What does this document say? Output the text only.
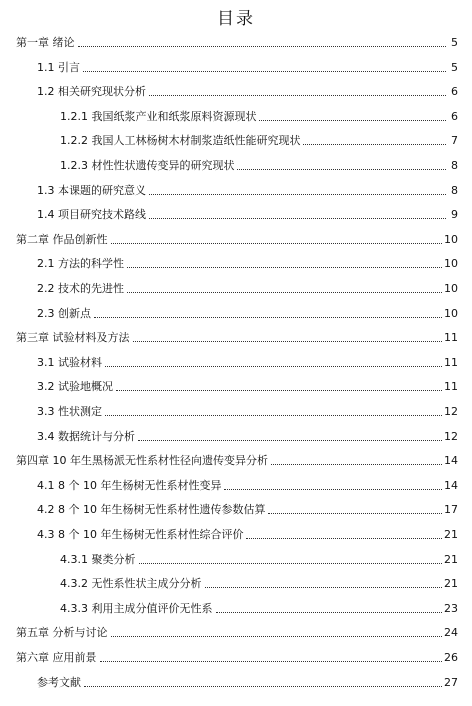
目录
第一章 绪论	5
1.1 引言	5
1.2 相关研究现状分析	6
1.2.1 我国纸浆产业和纸浆原料资源现状	6
1.2.2 我国人工林杨树木材制浆造纸性能研究现状	7
1.2.3 材性性状遗传变异的研究现状	8
1.3 本课题的研究意义	8
1.4 项目研究技术路线	9
第二章 作品创新性	10
2.1 方法的科学性	10
2.2 技术的先进性	10
2.3 创新点	10
第三章 试验材料及方法	11
3.1 试验材料	11
3.2 试验地概况	11
3.3 性状测定	12
3.4 数据统计与分析	12
第四章 10 年生黑杨派无性系材性径向遗传变异分析	14
4.1 8 个 10 年生杨树无性系材性变异	14
4.2 8 个 10 年生杨树无性系材性遗传参数估算	17
4.3 8 个 10 年生杨树无性系材性综合评价	21
4.3.1 聚类分析	21
4.3.2 无性系性状主成分分析	21
4.3.3 利用主成分值评价无性系	23
第五章 分析与讨论	24
第六章 应用前景	26
参考文献	27
